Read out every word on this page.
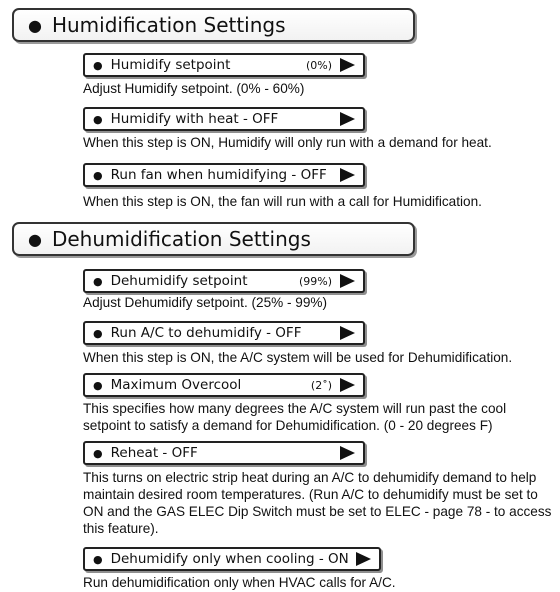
● Humidification Settings
● Humidify setpoint	(0%)
Adjust Humidify setpoint. (0% - 60%)
● Humidify with heat - OFF
When this step is ON, Humidify will only run with a demand for heat.
● Run fan when humidifying - OFF
When this step is ON, the fan will run with a call for Humidification.
● Dehumidification Settings
● Dehumidify setpoint	(99%)
Adjust Dehumidify setpoint. (25% - 99%)
● Run A/C to dehumidify - OFF
When this step is ON, the A/C system will be used for Dehumidification.
● Maximum Overcool	(2˚)
This specifies how many degrees the A/C system will run past the cool setpoint to satisfy a demand for Dehumidification. (0 - 20 degrees F)
● Reheat - OFF
This turns on electric strip heat during an A/C to dehumidify demand to help maintain desired room temperatures. (Run A/C to dehumidify must be set to ON and the GAS ELEC Dip Switch must be set to ELEC - page 78 - to access this feature).
● Dehumidify only when cooling - ON
Run dehumidification only when HVAC calls for A/C.
